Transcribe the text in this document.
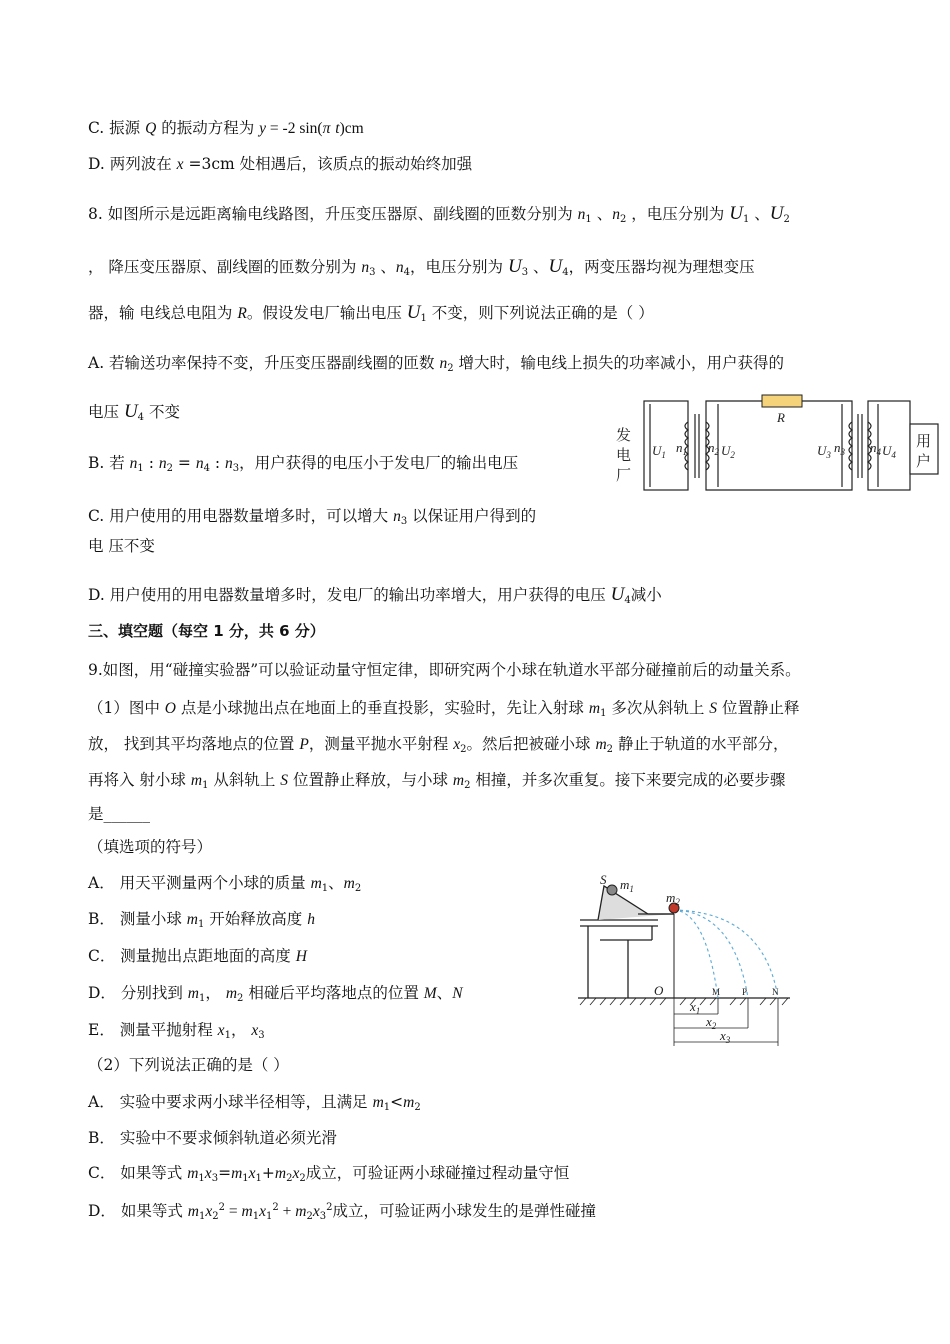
C. 振源 Q 的振动方程为 y = -2 sin(π t)cm
D. 两列波在 x =3cm 处相遇后，该质点的振动始终加强
8. 如图所示是远距离输电线路图，升压变压器原、副线圈的匝数分别为 $n_1$ 、$n_2$ ，电压分别为 $U_1$ 、$U_2$
， 降压变压器原、副线圈的匝数分别为 $n_3$ 、$n_4$，电压分别为 $U_3$ 、$U_4$，两变压器均视为理想变压
器，输 电线总电阻为 R。假设发电厂输出电压 $U_1$ 不变，则下列说法正确的是（ ）
A. 若输送功率保持不变，升压变压器副线圈的匝数 $n_2$ 增大时，输电线上损失的功率减小，用户获得的
电压 $U_4$ 不变
B. 若 $n_1$ : $n_2 = n_4$ : $n_3$，用户获得的电压小于发电厂的输出电压
C. 用户使用的用电器数量增多时，可以增大 $n_3$ 以保证用户得到的
电 压不变
D. 用户使用的用电器数量增多时，发电厂的输出功率增大，用户获得的电压 $U_4$减小
发
电
厂
用
户
$U_1$ $n_1$ $n_2$ $U_2$
R
$U_3$ $n_3$ $n_4$ $U_4$
三、填空题（每空 1 分，共 6 分）
9.如图，用“碰撞实验器”可以验证动量守恒定律，即研究两个小球在轨道水平部分碰撞前后的动量关系。
（1）图中 O 点是小球抛出点在地面上的垂直投影，实验时，先让入射球 $m_1$ 多次从斜轨上 S 位置静止释
放， 找到其平均落地点的位置 P，测量平抛水平射程 $x_2$。然后把被碰小球 $m_2$ 静止于轨道的水平部分，
再将入 射小球 $m_1$ 从斜轨上 S 位置静止释放，与小球 $m_2$ 相撞，并多次重复。接下来要完成的必要步骤
是______
（填选项的符号）
A． 用天平测量两个小球的质量 $m_1$、$m_2$
B． 测量小球 $m_1$ 开始释放高度 h
C． 测量抛出点距地面的高度 H
D． 分别找到 $m_1$， $m_2$ 相碰后平均落地点的位置 M、N
E． 测量平抛射程 $x_1$， $x_3$
（2）下列说法正确的是（ ）
A． 实验中要求两小球半径相等，且满足 $m_1<m_2$
B． 实验中不要求倾斜轨道必须光滑
C． 如果等式 $m_1x_3=m_1x_1+m_2x_2$成立，可验证两小球碰撞过程动量守恒
D． 如果等式 $m_1x_2^2 = m_1x_1^2 + m_2x_3^2$成立，可验证两小球发生的是弹性碰撞
S $m_1$
$m_2$
O	M P	N
$x_1$
$x_2$
$x_3$
